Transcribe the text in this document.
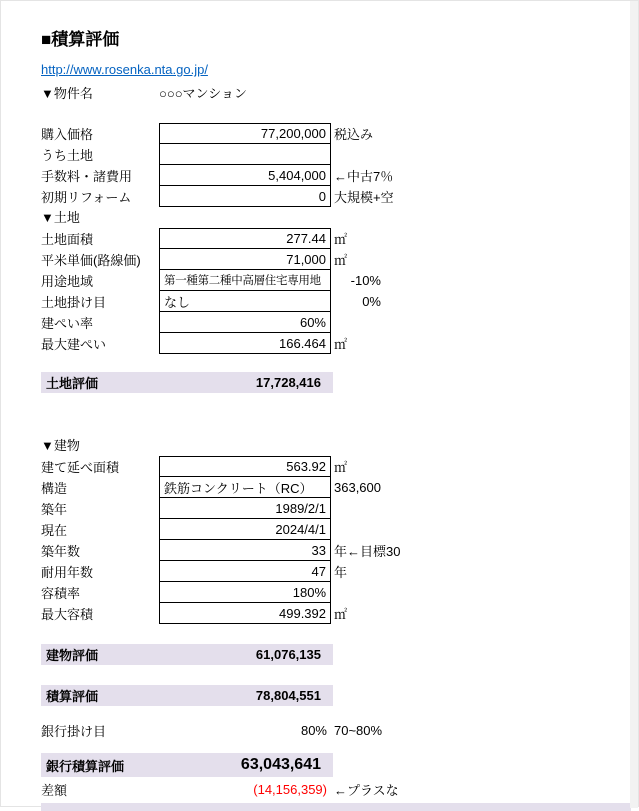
■積算評価
http://www.rosenka.nta.go.jp/
▼物件名	○○○マンション
購入価格	77,200,000 税込み
うち土地
手数料・諸費用	5,404,000 ←中古7％
初期リフォーム	0 大規模+空
▼土地
土地面積	277.44 ㎡
平米単価(路線価)	71,000 ㎡
用途地域	第一種第二種中高層住宅専用地	-10%
土地掛け目	なし	0%
建ぺい率	60%
最大建ぺい	166.464 ㎡
土地評価	17,728,416
▼建物
建て延べ面積	563.92 ㎡
構造	鉄筋コンクリート（RC）	363,600
築年	1989/2/1
現在	2024/4/1
築年数	33 年←目標30
耐用年数	47 年
容積率	180%
最大容積	499.392 ㎡
建物評価	61,076,135
積算評価	78,804,551
銀行掛け目	80% 70~80%
銀行積算評価	63,043,641
差額	(14,156,359) ←プラスな
